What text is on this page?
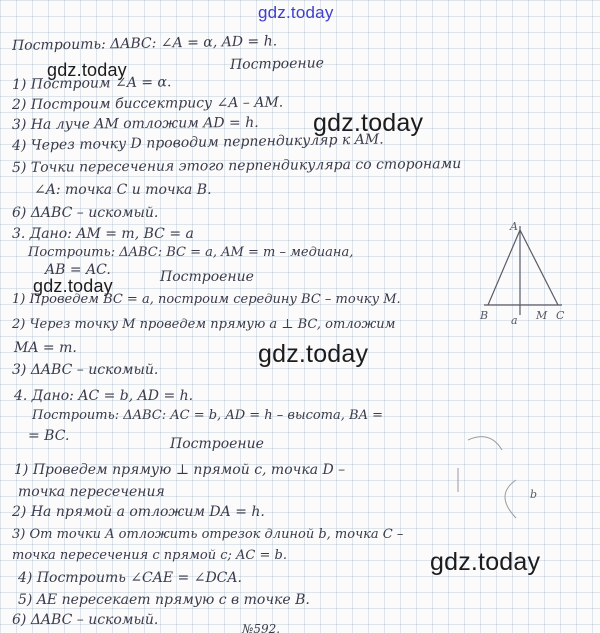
gdz.today
gdz.today
gdz.today
gdz.today
gdz.today
gdz.today
Построить: ΔABC: ∠A = α, AD = h.
Построение
1) Построим ∠A = α.
2) Построим биссектрису ∠A – AM.
3) На луче AM отложим AD = h.
4) Через точку D проводим перпендикуляр к AM.
5) Точки пересечения этого перпендикуляра со сторонами
∠A: точка C и точка B.
6) ΔABC – искомый.
3. Дано: AM = m, BC = a
Построить: ΔABC: BC = a, AM = m – медиана,
AB = AC.	Построение
1) Проведем BC = a, построим середину BC – точку M.
2) Через точку M проведем прямую a ⊥ BC, отложим
MA = m.
3) ΔABC – искомый.
4. Дано: AC = b, AD = h.
Построить: ΔABC: AC = b, AD = h – высота, BA =
= BC.	Построение
1) Проведем прямую ⊥ прямой c, точка D –
точка пересечения
2) На прямой a отложим DA = h.
3) От точки A отложить отрезок длиной b, точка C –
точка пересечения с прямой c; AC = b.
4) Построить ∠CAE = ∠DCA.
5) AE пересекает прямую c в точке B.
6) ΔABC – искомый.
№592.
A
B	M C
a
b
